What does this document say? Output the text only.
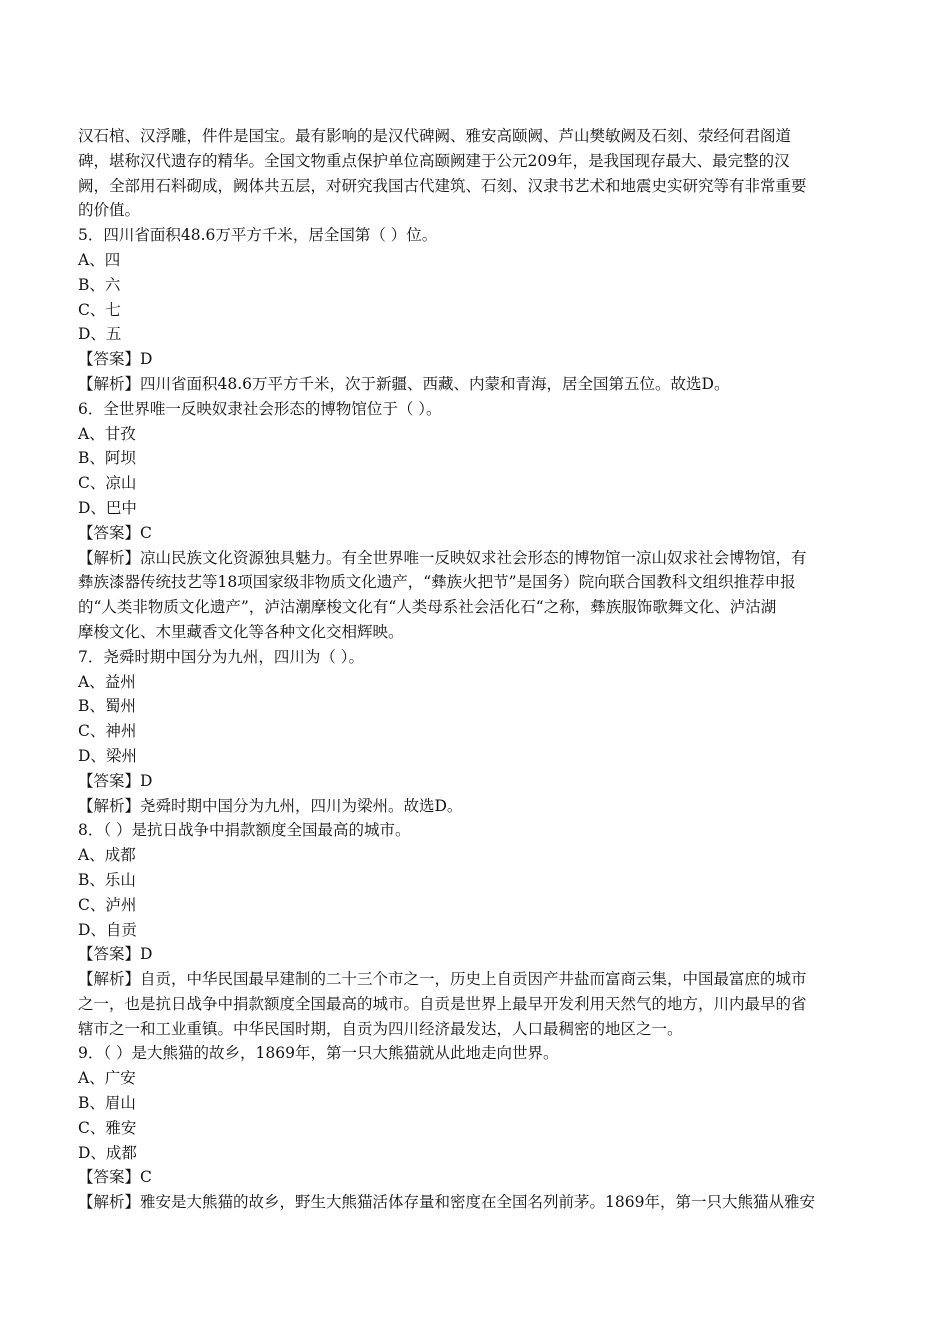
汉石棺、汉浮雕，件件是国宝。最有影响的是汉代碑阙、雅安高颐阙、芦山樊敏阙及石刻、荥经何君阁道

碑，堪称汉代遗存的精华。全国文物重点保护单位高颐阙建于公元209年，是我国现存最大、最完整的汉

阙，全部用石料砌成，阙体共五层，对研究我国古代建筑、石刻、汉隶书艺术和地震史实研究等有非常重要

的价值。

5．四川省面积48.6万平方千米，居全国第（ ）位。

A、四

B、六

C、七

D、五

【答案】D

【解析】四川省面积48.6万平方千米，次于新疆、西藏、内蒙和青海，居全国第五位。故选D。

6．全世界唯一反映奴隶社会形态的博物馆位于（ ）。

A、甘孜

B、阿坝

C、凉山

D、巴中

【答案】C

【解析】凉山民族文化资源独具魅力。有全世界唯一反映奴求社会形态的博物馆一凉山奴求社会博物馆，有

彝族漆器传统技艺等18项国家级非物质文化遗产，“彝族火把节”是国务）院向联合国教科文组织推荐申报

的“人类非物质文化遗产”，泸沽潮摩梭文化有“人类母系社会活化石“之称，彝族服饰歌舞文化、泸沽湖

摩梭文化、木里藏香文化等各种文化交相辉映。

7．尧舜时期中国分为九州，四川为（ ）。

A、益州

B、蜀州

C、神州

D、梁州

【答案】D

【解析】尧舜时期中国分为九州，四川为梁州。故选D。

8．（ ）是抗日战争中捐款额度全国最高的城市。

A、成都

B、乐山

C、泸州

D、自贡

【答案】D

【解析】自贡，中华民国最早建制的二十三个市之一，历史上自贡因产井盐而富商云集，中国最富庶的城市

之一，也是抗日战争中捐款额度全国最高的城市。自贡是世界上最早开发利用天然气的地方，川内最早的省

辖市之一和工业重镇。中华民国时期，自贡为四川经济最发达，人口最稠密的地区之一。

9．（ ）是大熊猫的故乡，1869年，第一只大熊猫就从此地走向世界。

A、广安

B、眉山

C、雅安

D、成都

【答案】C

【解析】雅安是大熊猫的故乡，野生大熊猫活体存量和密度在全国名列前茅。1869年，第一只大熊猫从雅安
